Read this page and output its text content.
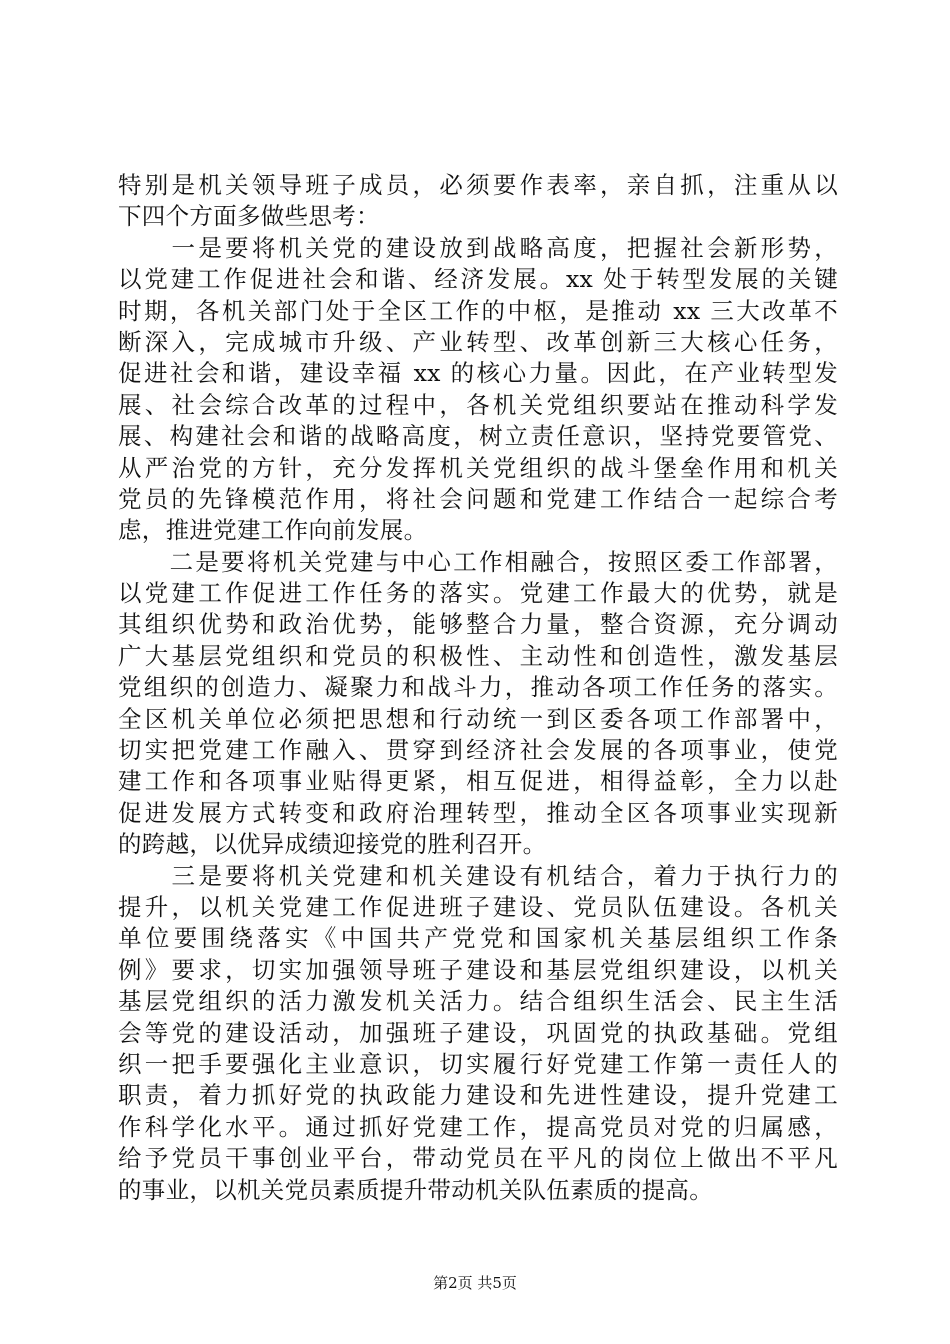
特别是机关领导班子成员，必须要作表率，亲自抓，注重从以
下四个方面多做些思考：
　　一是要将机关党的建设放到战略高度，把握社会新形势，
以党建工作促进社会和谐、经济发展。xx 处于转型发展的关键
时期，各机关部门处于全区工作的中枢，是推动 xx 三大改革不
断深入，完成城市升级、产业转型、改革创新三大核心任务，
促进社会和谐，建设幸福 xx 的核心力量。因此，在产业转型发
展、社会综合改革的过程中，各机关党组织要站在推动科学发
展、构建社会和谐的战略高度，树立责任意识，坚持党要管党、
从严治党的方针，充分发挥机关党组织的战斗堡垒作用和机关
党员的先锋模范作用，将社会问题和党建工作结合一起综合考
虑，推进党建工作向前发展。
　　二是要将机关党建与中心工作相融合，按照区委工作部署，
以党建工作促进工作任务的落实。党建工作最大的优势，就是
其组织优势和政治优势，能够整合力量，整合资源，充分调动
广大基层党组织和党员的积极性、主动性和创造性，激发基层
党组织的创造力、凝聚力和战斗力，推动各项工作任务的落实。
全区机关单位必须把思想和行动统一到区委各项工作部署中，
切实把党建工作融入、贯穿到经济社会发展的各项事业，使党
建工作和各项事业贴得更紧，相互促进，相得益彰，全力以赴
促进发展方式转变和政府治理转型，推动全区各项事业实现新
的跨越，以优异成绩迎接党的胜利召开。
　　三是要将机关党建和机关建设有机结合，着力于执行力的
提升，以机关党建工作促进班子建设、党员队伍建设。各机关
单位要围绕落实《中国共产党党和国家机关基层组织工作条
例》要求，切实加强领导班子建设和基层党组织建设，以机关
基层党组织的活力激发机关活力。结合组织生活会、民主生活
会等党的建设活动，加强班子建设，巩固党的执政基础。党组
织一把手要强化主业意识，切实履行好党建工作第一责任人的
职责，着力抓好党的执政能力建设和先进性建设，提升党建工
作科学化水平。通过抓好党建工作，提高党员对党的归属感，
给予党员干事创业平台，带动党员在平凡的岗位上做出不平凡
的事业，以机关党员素质提升带动机关队伍素质的提高。
第2页 共5页
